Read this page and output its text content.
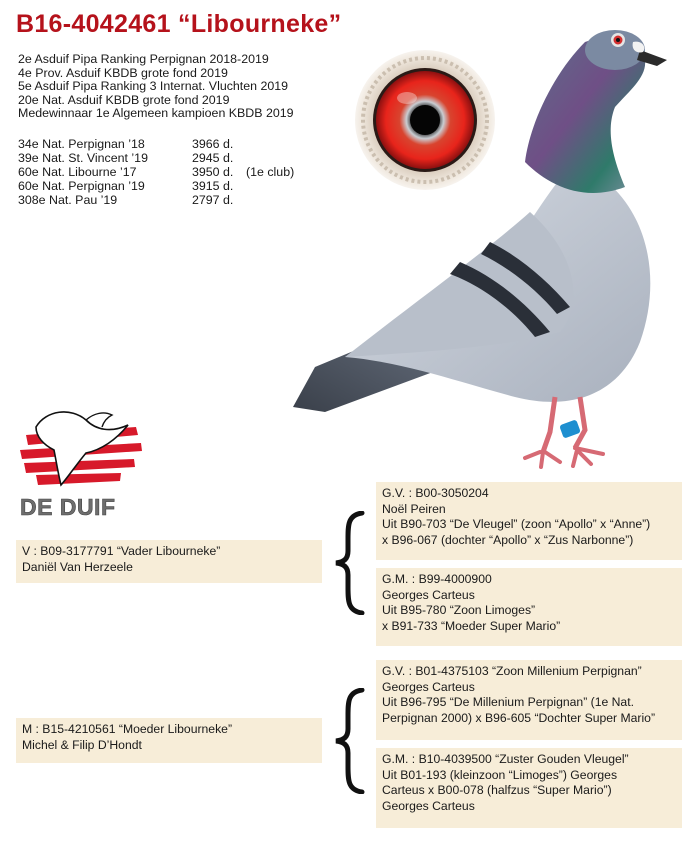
B16-4042461 “Libourneke”
2e Asduif Pipa Ranking Perpignan 2018-2019
4e Prov. Asduif KBDB grote fond 2019
5e Asduif Pipa Ranking 3 Internat. Vluchten 2019
20e Nat. Asduif KBDB grote fond 2019
Medewinnaar 1e Algemeen kampioen KBDB 2019
34e Nat. Perpignan ’18	3966 d.
39e Nat. St. Vincent ’19	2945 d.
60e Nat. Libourne ’17	3950 d.	(1e club)
60e Nat. Perpignan ’19	3915 d.
308e Nat. Pau ’19	2797 d.
DE DUIF
V : B09-3177791 “Vader Libourneke”
Daniël Van Herzeele
M : B15-4210561 “Moeder Libourneke”
Michel & Filip D’Hondt
G.V. : B00-3050204
Noël Peiren
Uit B90-703 “De Vleugel” (zoon “Apollo” x “Anne”)
x B96-067 (dochter “Apollo” x “Zus Narbonne”)
G.M. : B99-4000900
Georges Carteus
Uit B95-780 “Zoon Limoges”
x B91-733 “Moeder Super Mario”
G.V. : B01-4375103 “Zoon Millenium Perpignan”
Georges Carteus
Uit B96-795 “De Millenium Perpignan” (1e Nat.
Perpignan 2000) x B96-605 “Dochter Super Mario”
G.M. : B10-4039500 “Zuster Gouden Vleugel”
Uit B01-193 (kleinzoon “Limoges”) Georges
Carteus x B00-078 (halfzus “Super Mario”)
Georges Carteus
